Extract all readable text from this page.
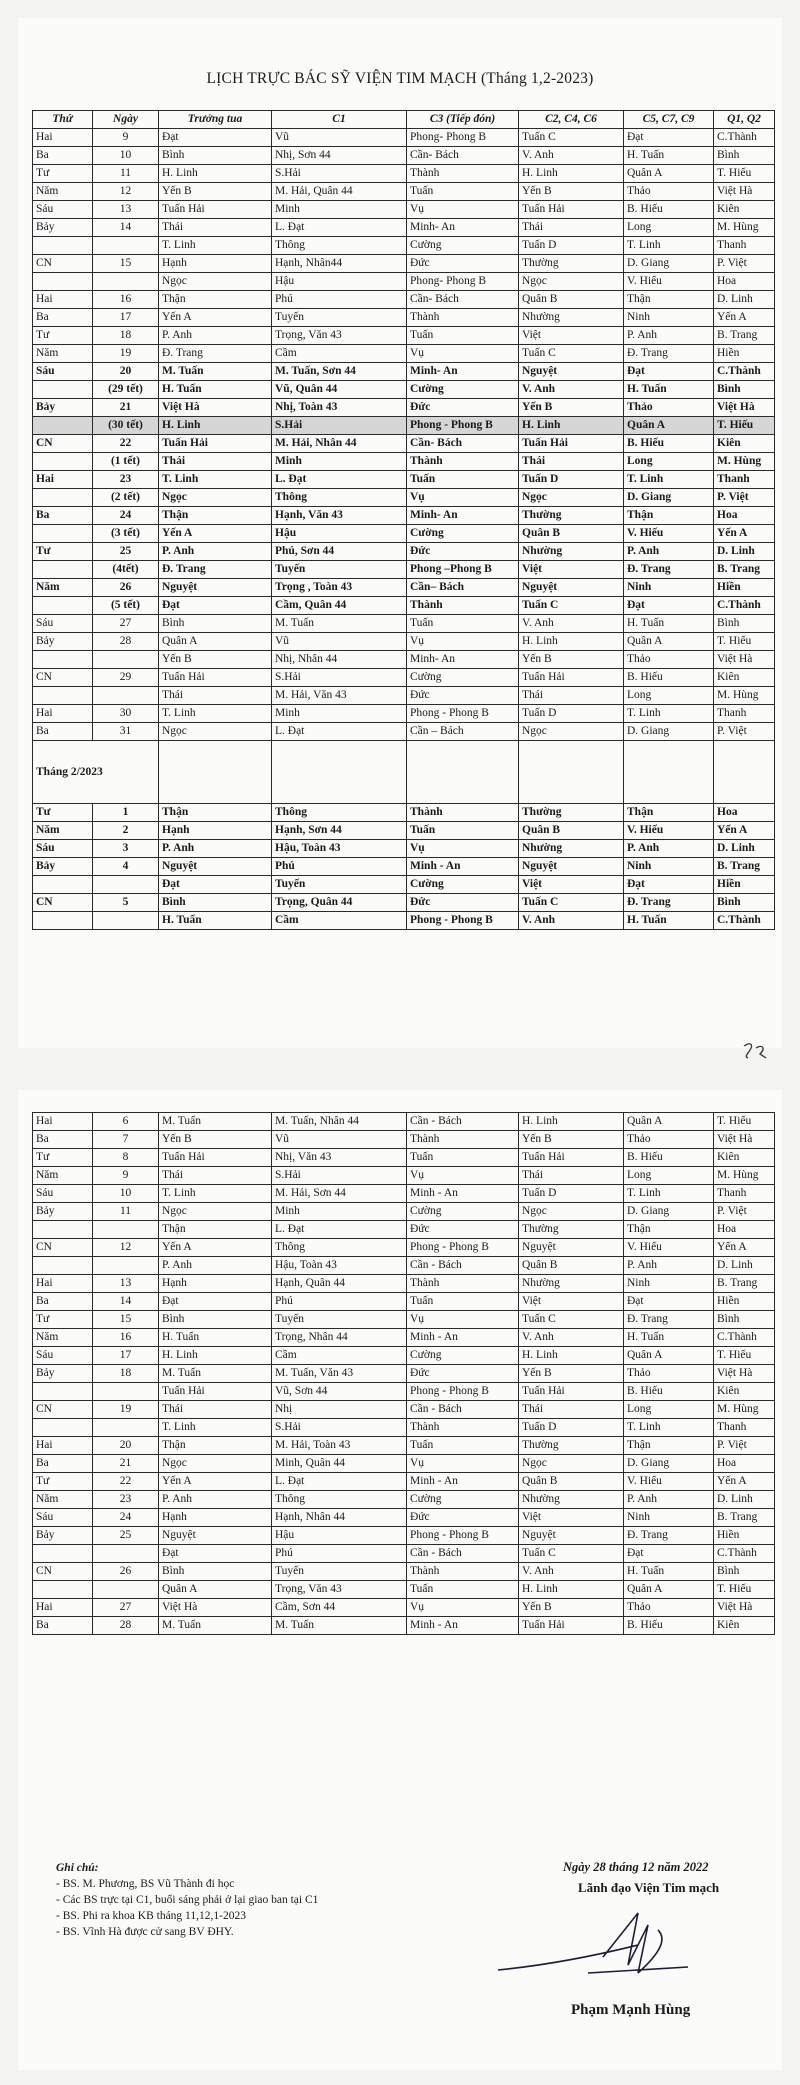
LỊCH TRỰC BÁC SỸ VIỆN TIM MẠCH (Tháng 1,2-2023)
Thứ	Ngày	Trưởng tua	C1	C3 (Tiếp đón)	C2, C4, C6	C5, C7, C9	Q1, Q2
Hai	9	Đạt	Vũ	Phong- Phong B	Tuấn C	Đạt	C.Thành
Ba	10	Bình	Nhị, Sơn 44	Cần- Bách	V. Anh	H. Tuấn	Bình
Tư	11	H. Linh	S.Hải	Thành	H. Linh	Quân A	T. Hiếu
Năm	12	Yến B	M. Hải, Quân 44	Tuấn	Yến B	Thảo	Việt Hà
Sáu	13	Tuấn Hải	Minh	Vụ	Tuấn Hải	B. Hiếu	Kiên
Bảy	14	Thái	L. Đạt	Minh- An	Thái	Long	M. Hùng
		T. Linh	Thông	Cường	Tuấn D	T. Linh	Thanh
CN	15	Hạnh	Hạnh, Nhân44	Đức	Thường	D. Giang	P. Việt
		Ngọc	Hậu	Phong- Phong B	Ngọc	V. Hiếu	Hoa
Hai	16	Thận	Phú	Cần- Bách	Quân B	Thận	D. Linh
Ba	17	Yến A	Tuyến	Thành	Nhường	Ninh	Yến A
Tư	18	P. Anh	Trọng, Văn 43	Tuấn	Việt	P. Anh	B. Trang
Năm	19	Đ. Trang	Cầm	Vụ	Tuấn C	Đ. Trang	Hiền
Sáu	20	M. Tuấn	M. Tuấn, Sơn 44	Minh- An	Nguyệt	Đạt	C.Thành
	(29 tết)	H. Tuấn	Vũ, Quân 44	Cường	V. Anh	H. Tuấn	Bình
Bảy	21	Việt Hà	Nhị, Toàn 43	Đức	Yến B	Thảo	Việt Hà
	(30 tết)	H. Linh	S.Hải	Phong - Phong B	H. Linh	Quân A	T. Hiếu
CN	22	Tuấn Hải	M. Hải, Nhân 44	Cần- Bách	Tuấn Hải	B. Hiếu	Kiên
	(1 tết)	Thái	Minh	Thành	Thái	Long	M. Hùng
Hai	23	T. Linh	L. Đạt	Tuấn	Tuấn D	T. Linh	Thanh
	(2 tết)	Ngọc	Thông	Vụ	Ngọc	D. Giang	P. Việt
Ba	24	Thận	Hạnh, Văn 43	Minh- An	Thường	Thận	Hoa
	(3 tết)	Yến A	Hậu	Cường	Quân B	V. Hiếu	Yến A
Tư	25	P. Anh	Phú, Sơn 44	Đức	Nhường	P. Anh	D. Linh
	(4tết)	Đ. Trang	Tuyến	Phong –Phong B	Việt	Đ. Trang	B. Trang
Năm	26	Nguyệt	Trọng , Toàn 43	Cần– Bách	Nguyệt	Ninh	Hiền
	(5 tết)	Đạt	Cầm, Quân 44	Thành	Tuấn C	Đạt	C.Thành
Sáu	27	Bình	M. Tuấn	Tuấn	V. Anh	H. Tuấn	Bình
Bảy	28	Quân A	Vũ	Vụ	H. Linh	Quân A	T. Hiếu
		Yến B	Nhị, Nhân 44	Minh- An	Yến B	Thảo	Việt Hà
CN	29	Tuấn Hải	S.Hải	Cường	Tuấn Hải	B. Hiếu	Kiên
		Thái	M. Hải, Văn 43	Đức	Thái	Long	M. Hùng
Hai	30	T. Linh	Minh	Phong - Phong B	Tuấn D	T. Linh	Thanh
Ba	31	Ngọc	L. Đạt	Cần – Bách	Ngọc	D. Giang	P. Việt
Tháng 2/2023							
Tư	1	Thận	Thông	Thành	Thường	Thận	Hoa
Năm	2	Hạnh	Hạnh, Sơn 44	Tuấn	Quân B	V. Hiếu	Yến A
Sáu	3	P. Anh	Hậu, Toàn 43	Vụ	Nhường	P. Anh	D. Linh
Bảy	4	Nguyệt	Phú	Minh - An	Nguyệt	Ninh	B. Trang
		Đạt	Tuyến	Cường	Việt	Đạt	Hiền
CN	5	Bình	Trọng, Quân 44	Đức	Tuấn C	Đ. Trang	Bình
		H. Tuấn	Cầm	Phong - Phong B	V. Anh	H. Tuấn	C.Thành
Hai	6	M. Tuấn	M. Tuấn, Nhân 44	Cần - Bách	H. Linh	Quân A	T. Hiếu
Ba	7	Yến B	Vũ	Thành	Yến B	Thảo	Việt Hà
Tư	8	Tuấn Hải	Nhị, Văn 43	Tuấn	Tuấn Hải	B. Hiếu	Kiên
Năm	9	Thái	S.Hải	Vụ	Thái	Long	M. Hùng
Sáu	10	T. Linh	M. Hải, Sơn 44	Minh - An	Tuấn D	T. Linh	Thanh
Bảy	11	Ngọc	Minh	Cường	Ngọc	D. Giang	P. Việt
		Thận	L. Đạt	Đức	Thường	Thận	Hoa
CN	12	Yến A	Thông	Phong - Phong B	Nguyệt	V. Hiếu	Yến A
		P. Anh	Hậu, Toàn 43	Cần - Bách	Quân B	P. Anh	D. Linh
Hai	13	Hạnh	Hạnh, Quân 44	Thành	Nhường	Ninh	B. Trang
Ba	14	Đạt	Phú	Tuấn	Việt	Đạt	Hiền
Tư	15	Bình	Tuyến	Vụ	Tuấn C	Đ. Trang	Bình
Năm	16	H. Tuấn	Trọng, Nhân 44	Minh - An	V. Anh	H. Tuấn	C.Thành
Sáu	17	H. Linh	Cầm	Cường	H. Linh	Quân A	T. Hiếu
Bảy	18	M. Tuấn	M. Tuấn, Văn 43	Đức	Yến B	Thảo	Việt Hà
		Tuấn Hải	Vũ, Sơn 44	Phong - Phong B	Tuấn Hải	B. Hiếu	Kiên
CN	19	Thái	Nhị	Cần - Bách	Thái	Long	M. Hùng
		T. Linh	S.Hải	Thành	Tuấn D	T. Linh	Thanh
Hai	20	Thận	M. Hải, Toàn 43	Tuấn	Thường	Thận	P. Việt
Ba	21	Ngọc	Minh, Quân 44	Vụ	Ngọc	D. Giang	Hoa
Tư	22	Yến A	L. Đạt	Minh - An	Quân B	V. Hiếu	Yến A
Năm	23	P. Anh	Thông	Cường	Nhường	P. Anh	D. Linh
Sáu	24	Hạnh	Hạnh, Nhân 44	Đức	Việt	Ninh	B. Trang
Bảy	25	Nguyệt	Hậu	Phong - Phong B	Nguyệt	Đ. Trang	Hiền
		Đạt	Phú	Cần - Bách	Tuấn C	Đạt	C.Thành
CN	26	Bình	Tuyến	Thành	V. Anh	H. Tuấn	Bình
		Quân A	Trọng, Văn 43	Tuấn	H. Linh	Quân A	T. Hiếu
Hai	27	Việt Hà	Cầm, Sơn 44	Vụ	Yến B	Thảo	Việt Hà
Ba	28	M. Tuấn	M. Tuấn	Minh - An	Tuấn Hải	B. Hiếu	Kiên
Ghi chú:
- BS. M. Phương, BS Vũ Thành đi học
- Các BS trực tại C1, buổi sáng phải ở lại giao ban tại C1
- BS. Phi ra khoa KB tháng 11,12,1-2023
- BS. Vĩnh Hà được cử sang BV ĐHY.
Ngày 28 tháng 12 năm 2022
Lãnh đạo Viện Tim mạch
Phạm Mạnh Hùng
